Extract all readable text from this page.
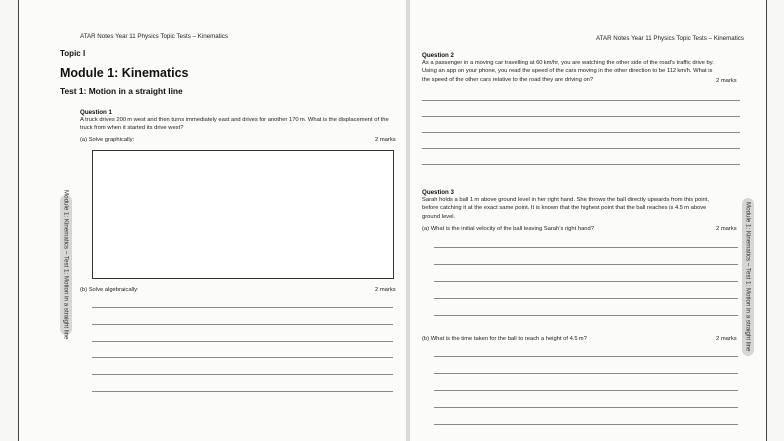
ATAR Notes Year 11 Physics Topic Tests – Kinematics
Topic I
Module 1: Kinematics
Test 1: Motion in a straight line
Question 1
A truck drives 200 m west and then turns immediately east and drives for another 170 m. What is the displacement of the truck from when it started its drive west?
(a) Solve graphically:	2 marks
(b) Solve algebraically:	2 marks
Module 1: Kinematics – Test 1: Motion in a straight line
ATAR Notes Year 11 Physics Topic Tests – Kinematics
Question 2
As a passenger in a moving car travelling at 60 km/hr, you are watching the other side of the road’s traffic drive by. Using an app on your phone, you read the speed of the cars moving in the other direction to be 112 km/h. What is the speed of the other cars relative to the road they are driving on?	2 marks
Question 3
Sarah holds a ball 1 m above ground level in her right hand. She throws the ball directly upwards from this point, before catching it at the exact same point. It is known that the highest point that the ball reaches is 4.5 m above ground level.
(a) What is the initial velocity of the ball leaving Sarah’s right hand?	2 marks
(b) What is the time taken for the ball to reach a height of 4.5 m?	2 marks Module 1: Kinematics – Test 1: Motion in a straight line
